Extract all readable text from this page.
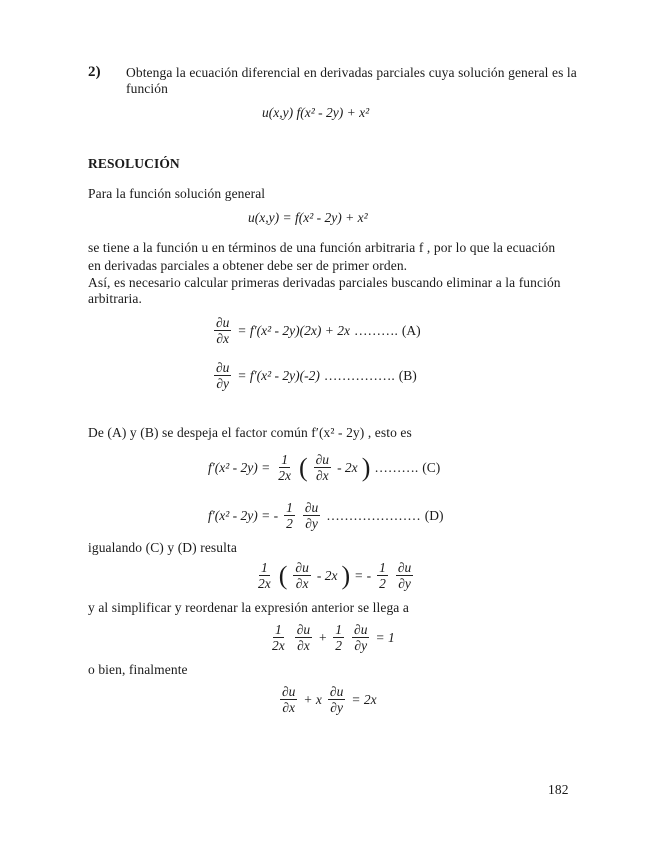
2) Obtenga la ecuación diferencial en derivadas parciales cuya solución general es la
función
u(x,y) f(x² - 2y) + x²
RESOLUCIÓN
Para la función solución general
u(x,y) = f(x² - 2y) + x²
se tiene a la función u en términos de una función arbitraria f , por lo que la ecuación
en derivadas parciales a obtener debe ser de primer orden.
Así, es necesario calcular primeras derivadas parciales buscando eliminar a la función
arbitraria.
$\frac{\partial u}{\partial x} = f'(x^2 - 2y)(2x) + 2x$ ………. (A)
$\frac{\partial u}{\partial y} = f'(x^2 - 2y)(-2)$ ……………. (B)
De (A) y (B) se despeja el factor común f′(x² - 2y) , esto es
$f'(x^2 - 2y) = \frac{1}{2x}$ ( $\frac{\partial u}{\partial x} - 2x$ ) ………. (C)
f′(x² - 2y) = - $\frac{1}{2} \frac{\partial u}{\partial y}$ ………………… (D)
igualando (C) y (D) resulta
$\frac{1}{2x}$ ( $\frac{\partial u}{\partial x} - 2x$ ) = - $\frac{1}{2} \frac{\partial u}{\partial y}$
y al simplificar y reordenar la expresión anterior se llega a
$\frac{1}{2x} \frac{\partial u}{\partial x} + \frac{1}{2} \frac{\partial u}{\partial y} = 1$
o bien, finalmente
$\frac{\partial u}{\partial x} + x \frac{\partial u}{\partial y} = 2x$
182
